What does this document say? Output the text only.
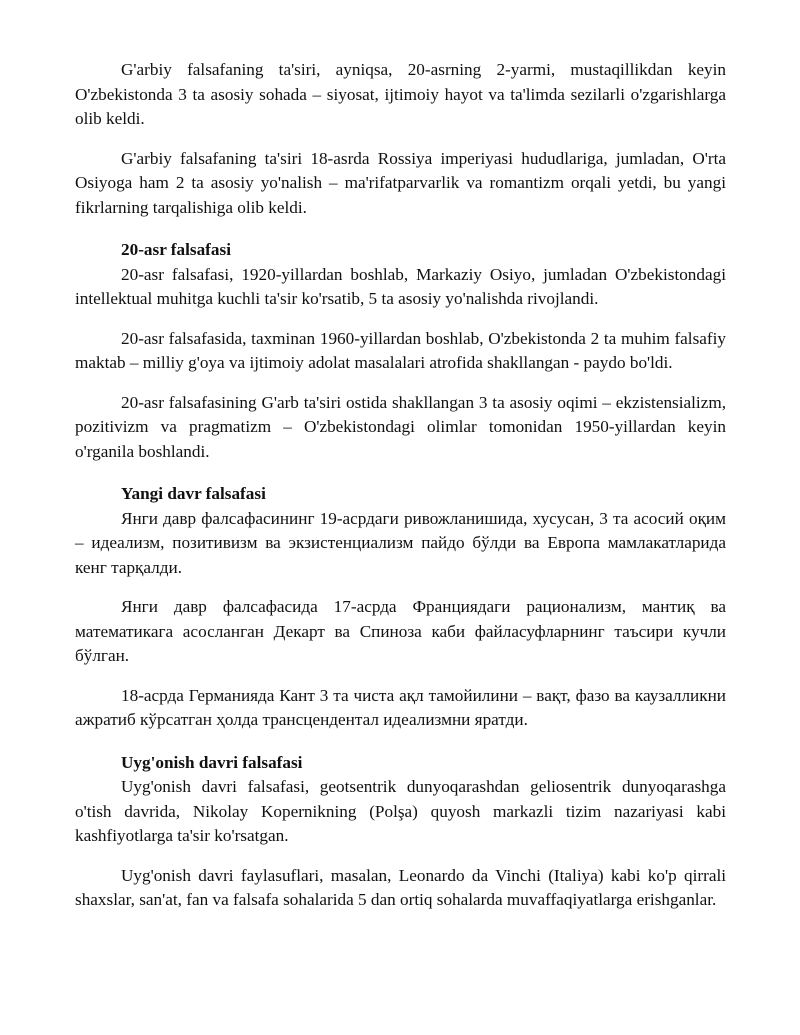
G'arbiy falsafaning ta'siri, ayniqsa, 20-asrning 2-yarmi, mustaqillikdan keyin O'zbekistonda 3 ta asosiy sohada – siyosat, ijtimoiy hayot va ta'limda sezilarli o'zgarishlarga olib keldi.

G'arbiy falsafaning ta'siri 18-asrda Rossiya imperiyasi hududlariga, jumladan, O'rta Osiyoga ham 2 ta asosiy yo'nalish – ma'rifatparvarlik va romantizm orqali yetdi, bu yangi fikrlarning tarqalishiga olib keldi.

20-asr falsafasi

20-asr falsafasi, 1920-yillardan boshlab, Markaziy Osiyo, jumladan O'zbekistondagi intellektual muhitga kuchli ta'sir ko'rsatib, 5 ta asosiy yo'nalishda rivojlandi.

20-asr falsafasida, taxminan 1960-yillardan boshlab, O'zbekistonda 2 ta muhim falsafiy maktab – milliy g'oya va ijtimoiy adolat masalalari atrofida shakllangan - paydo bo'ldi.

20-asr falsafasining G'arb ta'siri ostida shakllangan 3 ta asosiy oqimi – ekzistensializm, pozitivizm va pragmatizm – O'zbekistondagi olimlar tomonidan 1950-yillardan keyin o'rganila boshlandi.

Yangi davr falsafasi

Янги давр фалсафасининг 19-асрдаги ривожланишида, хусусан, 3 та асосий оқим – идеализм, позитивизм ва экзистенциализм пайдо бўлди ва Европа мамлакатларида кенг тарқалди.

Янги давр фалсафасида 17-асрда Франциядаги рационализм, мантиқ ва математикага асосланган Декарт ва Спиноза каби файласуфларнинг таъсири кучли бўлган.

18-асрда Германияда Кант 3 та чиста ақл тамойилини – вақт, фазо ва каузалликни ажратиб кўрсатган ҳолда трансцендентал идеализмни яратди.

Uyg'onish davri falsafasi

Uyg'onish davri falsafasi, geotsentrik dunyoqarashdan geliosentrik dunyoqarashga o'tish davrida, Nikolay Kopernikning (Polşa) quyosh markazli tizim nazariyasi kabi kashfiyotlarga ta'sir ko'rsatgan.

Uyg'onish davri faylasuflari, masalan, Leonardo da Vinchi (Italiya) kabi ko'p qirrali shaxslar, san'at, fan va falsafa sohalarida 5 dan ortiq sohalarda muvaffaqiyatlarga erishganlar.
